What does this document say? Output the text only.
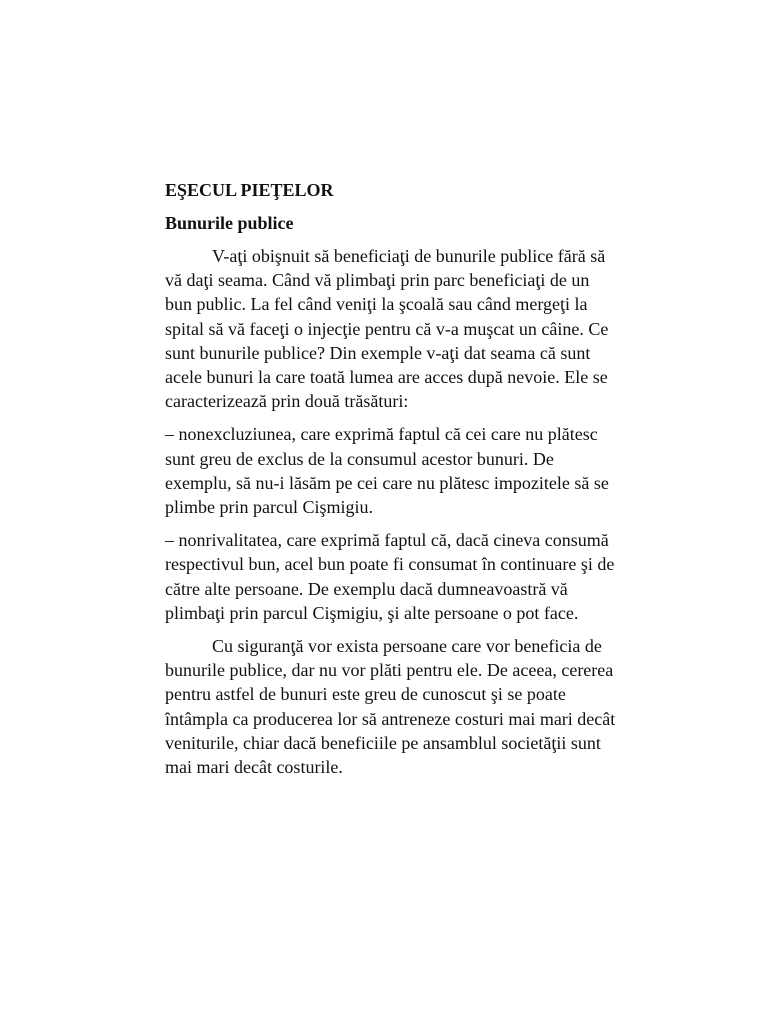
EŞECUL PIEŢELOR
Bunurile publice

V-aţi obişnuit să beneficiaţi de bunurile publice fără să vă daţi seama. Când vă plimbaţi prin parc beneficiaţi de un bun public. La fel când veniţi la şcoală sau când mergeţi la spital să vă faceţi o injecţie pentru că v-a muşcat un câine. Ce sunt bunurile publice? Din exemple v-aţi dat seama că sunt acele bunuri la care toată lumea are acces după nevoie. Ele se caracterizează prin două trăsături:

– nonexcluziunea, care exprimă faptul că cei care nu plătesc sunt greu de exclus de la consumul acestor bunuri. De exemplu, să nu-i lăsăm pe cei care nu plătesc impozitele să se plimbe prin parcul Cişmigiu.

– nonrivalitatea, care exprimă faptul că, dacă cineva consumă respectivul bun, acel bun poate fi consumat în continuare şi de către alte persoane. De exemplu dacă dumneavoastră vă plimbaţi prin parcul Cişmigiu, şi alte persoane o pot face.

Cu siguranţă vor exista persoane care vor beneficia de bunurile publice, dar nu vor plăti pentru ele. De aceea, cererea pentru astfel de bunuri este greu de cunoscut şi se poate întâmpla ca producerea lor să antreneze costuri mai mari decât veniturile, chiar dacă beneficiile pe ansamblul societăţii sunt mai mari decât costurile.
